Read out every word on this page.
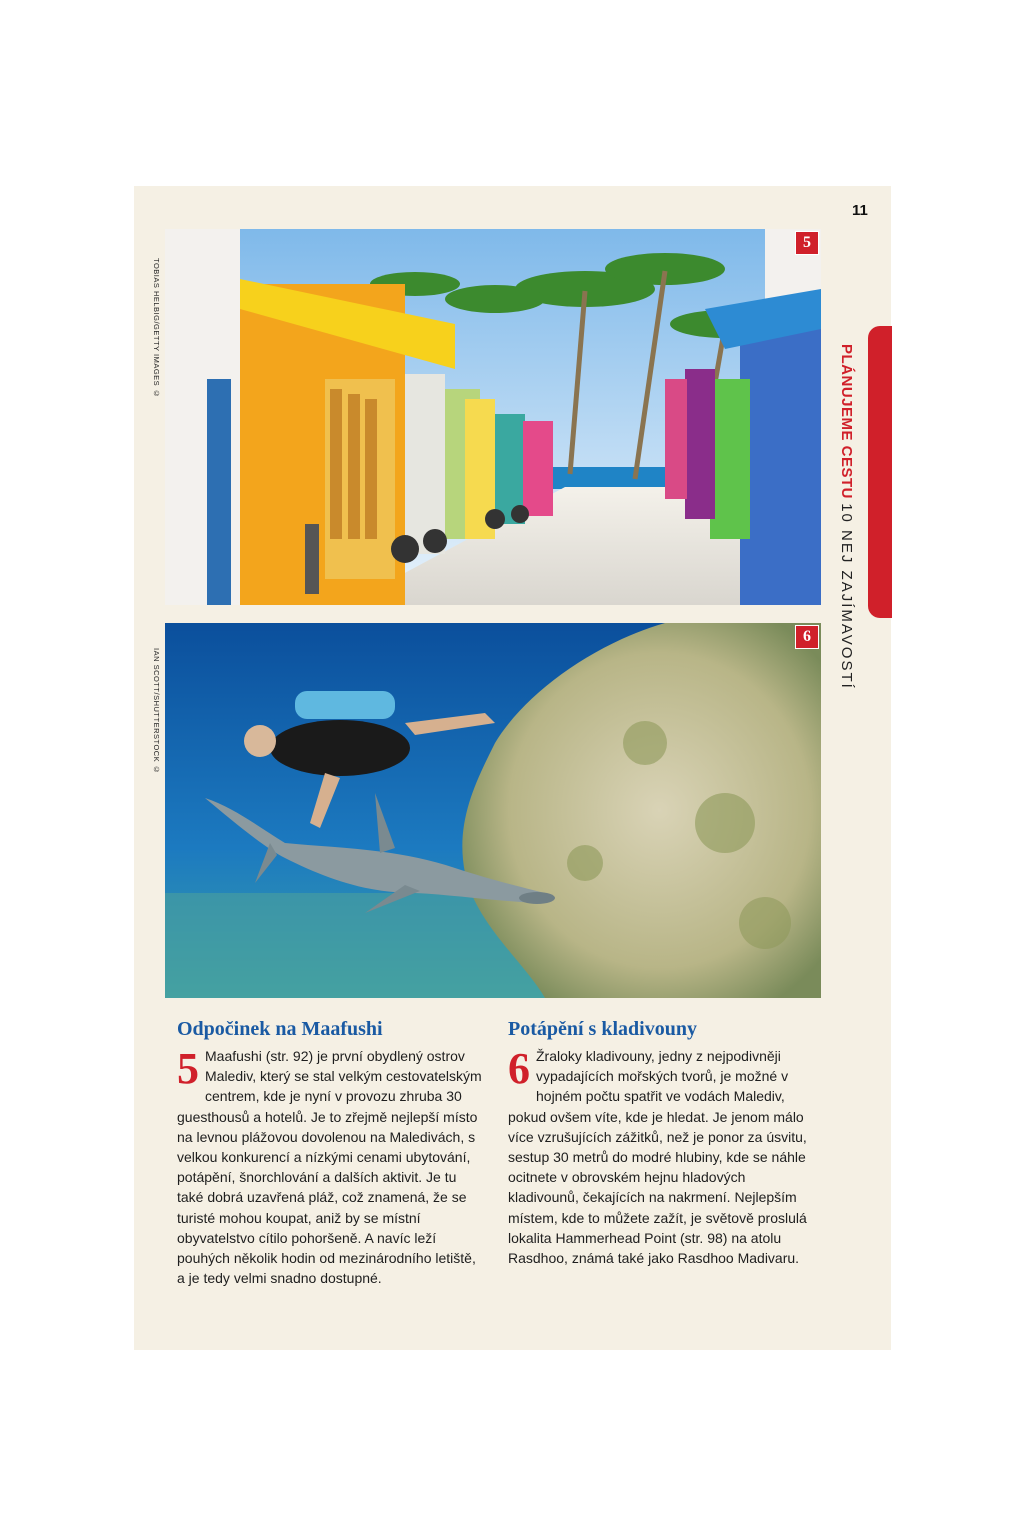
11
PLÁNUJEME CESTU 10 NEJ ZAJÍMAVOSTÍ
TOBIAS HELBIG/GETTY IMAGES ©
IAN SCOTT/SHUTTERSTOCK ©
5
6
Odpočinek na Maafushi

5 Maafushi (str. 92) je první obydlený ostrov Malediv, který se stal velkým cestovatelským centrem, kde je nyní v provozu zhruba 30 guesthousů a hotelů. Je to zřejmě nejlepší místo na levnou plážovou dovolenou na Maledivách, s velkou konkurencí a nízkými cenami ubytování, potápění, šnorchlování a dalších aktivit. Je tu také dobrá uzavřená pláž, což znamená, že se turisté mohou koupat, aniž by se místní obyvatelstvo cítilo pohoršeně. A navíc leží pouhých několik hodin od mezinárodního letiště, a je tedy velmi snadno dostupné.

Potápění s kladivouny

6 Žraloky kladivouny, jedny z nejpodivněji vypadajících mořských tvorů, je možné v hojném počtu spatřit ve vodách Malediv, pokud ovšem víte, kde je hledat. Je jenom málo více vzrušujících zážitků, než je ponor za úsvitu, sestup 30 metrů do modré hlubiny, kde se náhle ocitnete v obrovském hejnu hladových kladivounů, čekajících na nakrmení. Nejlepším místem, kde to můžete zažít, je světově proslulá lokalita Hammerhead Point (str. 98) na atolu Rasdhoo, známá také jako Rasdhoo Madivaru.
